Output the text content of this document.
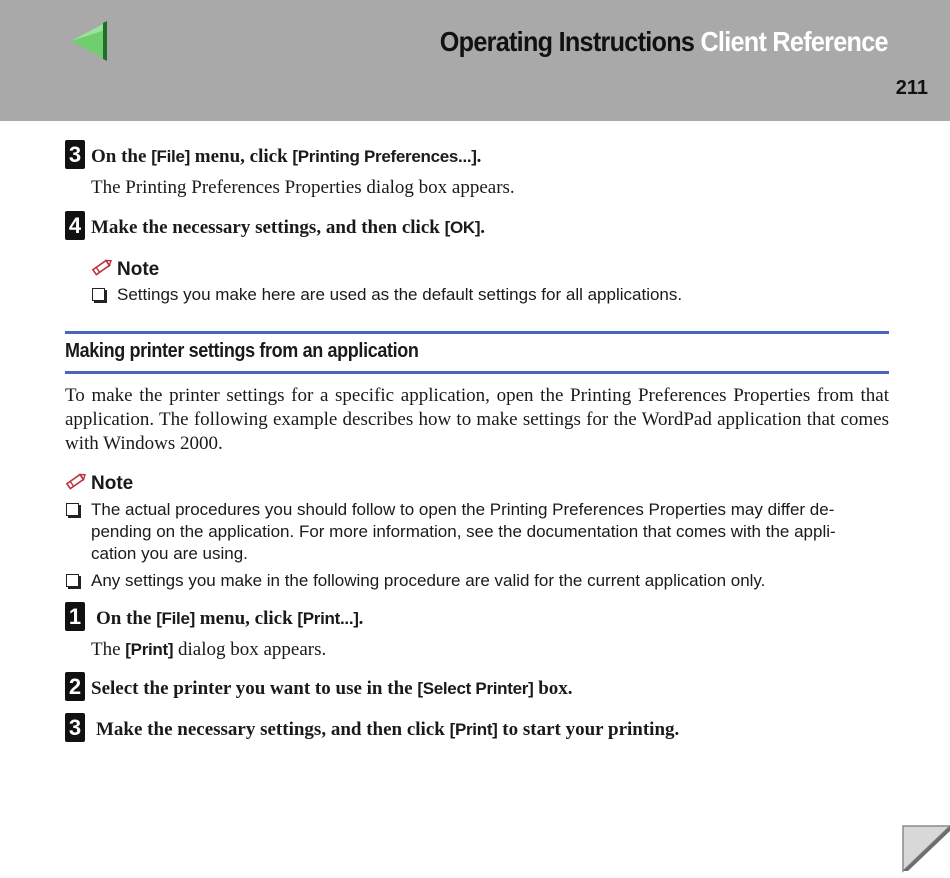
Operating Instructions Client Reference
211
3 On the [File] menu, click [Printing Preferences...].
The Printing Preferences Properties dialog box appears.
4 Make the necessary settings, and then click [OK].
Note
Settings you make here are used as the default settings for all applications.
Making printer settings from an application
To make the printer settings for a specific application, open the Printing Preferences Properties from that application. The following example describes how to make settings for the WordPad application that comes with Windows 2000.
Note
The actual procedures you should follow to open the Printing Preferences Properties may differ de-
pending on the application. For more information, see the documentation that comes with the appli-
cation you are using.
Any settings you make in the following procedure are valid for the current application only.
1 On the [File] menu, click [Print...].
The [Print] dialog box appears.
2 Select the printer you want to use in the [Select Printer] box.
3 Make the necessary settings, and then click [Print] to start your printing.
